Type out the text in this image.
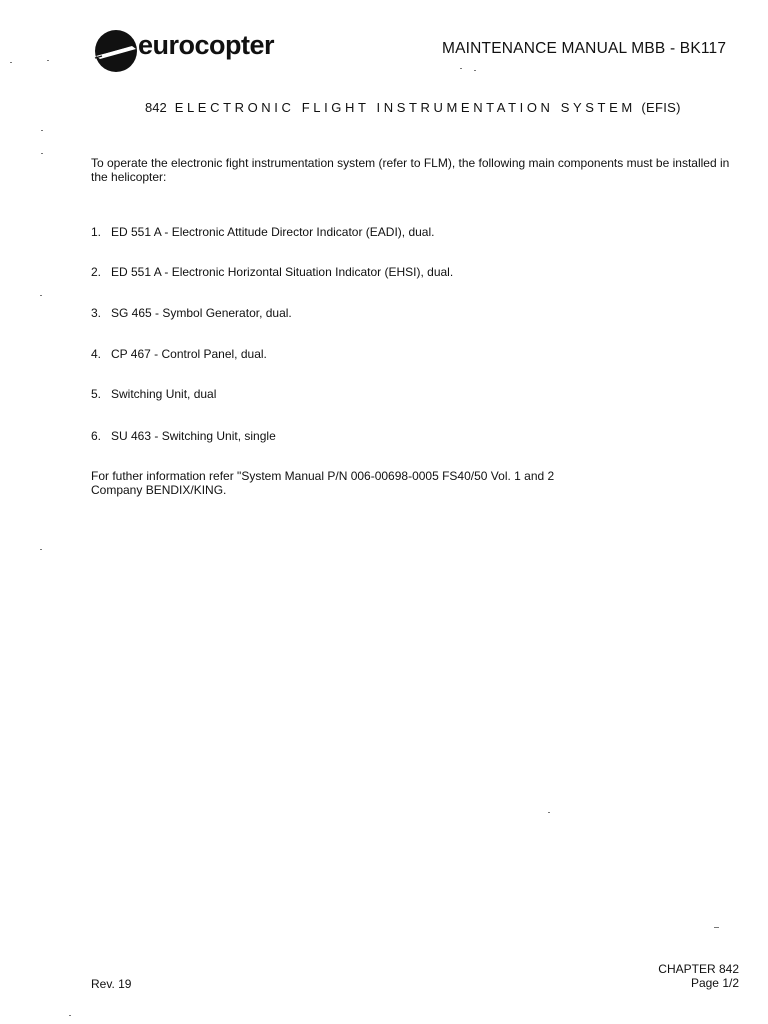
eurocopter	MAINTENANCE MANUAL MBB - BK117
842 ELECTRONIC FLIGHT INSTRUMENTATION SYSTEM (EFIS)
To operate the electronic fight instrumentation system (refer to FLM), the following main components must be installed in the helicopter:
1. ED 551 A - Electronic Attitude Director Indicator (EADI), dual.
2. ED 551 A - Electronic Horizontal Situation Indicator (EHSI), dual.
3. SG 465 - Symbol Generator, dual.
4. CP 467 - Control Panel, dual.
5. Switching Unit, dual
6. SU 463 - Switching Unit, single
For futher information refer "System Manual P/N 006-00698-0005 FS40/50 Vol. 1 and 2
Company BENDIX/KING.
Rev. 19
CHAPTER 842
Page 1/2
